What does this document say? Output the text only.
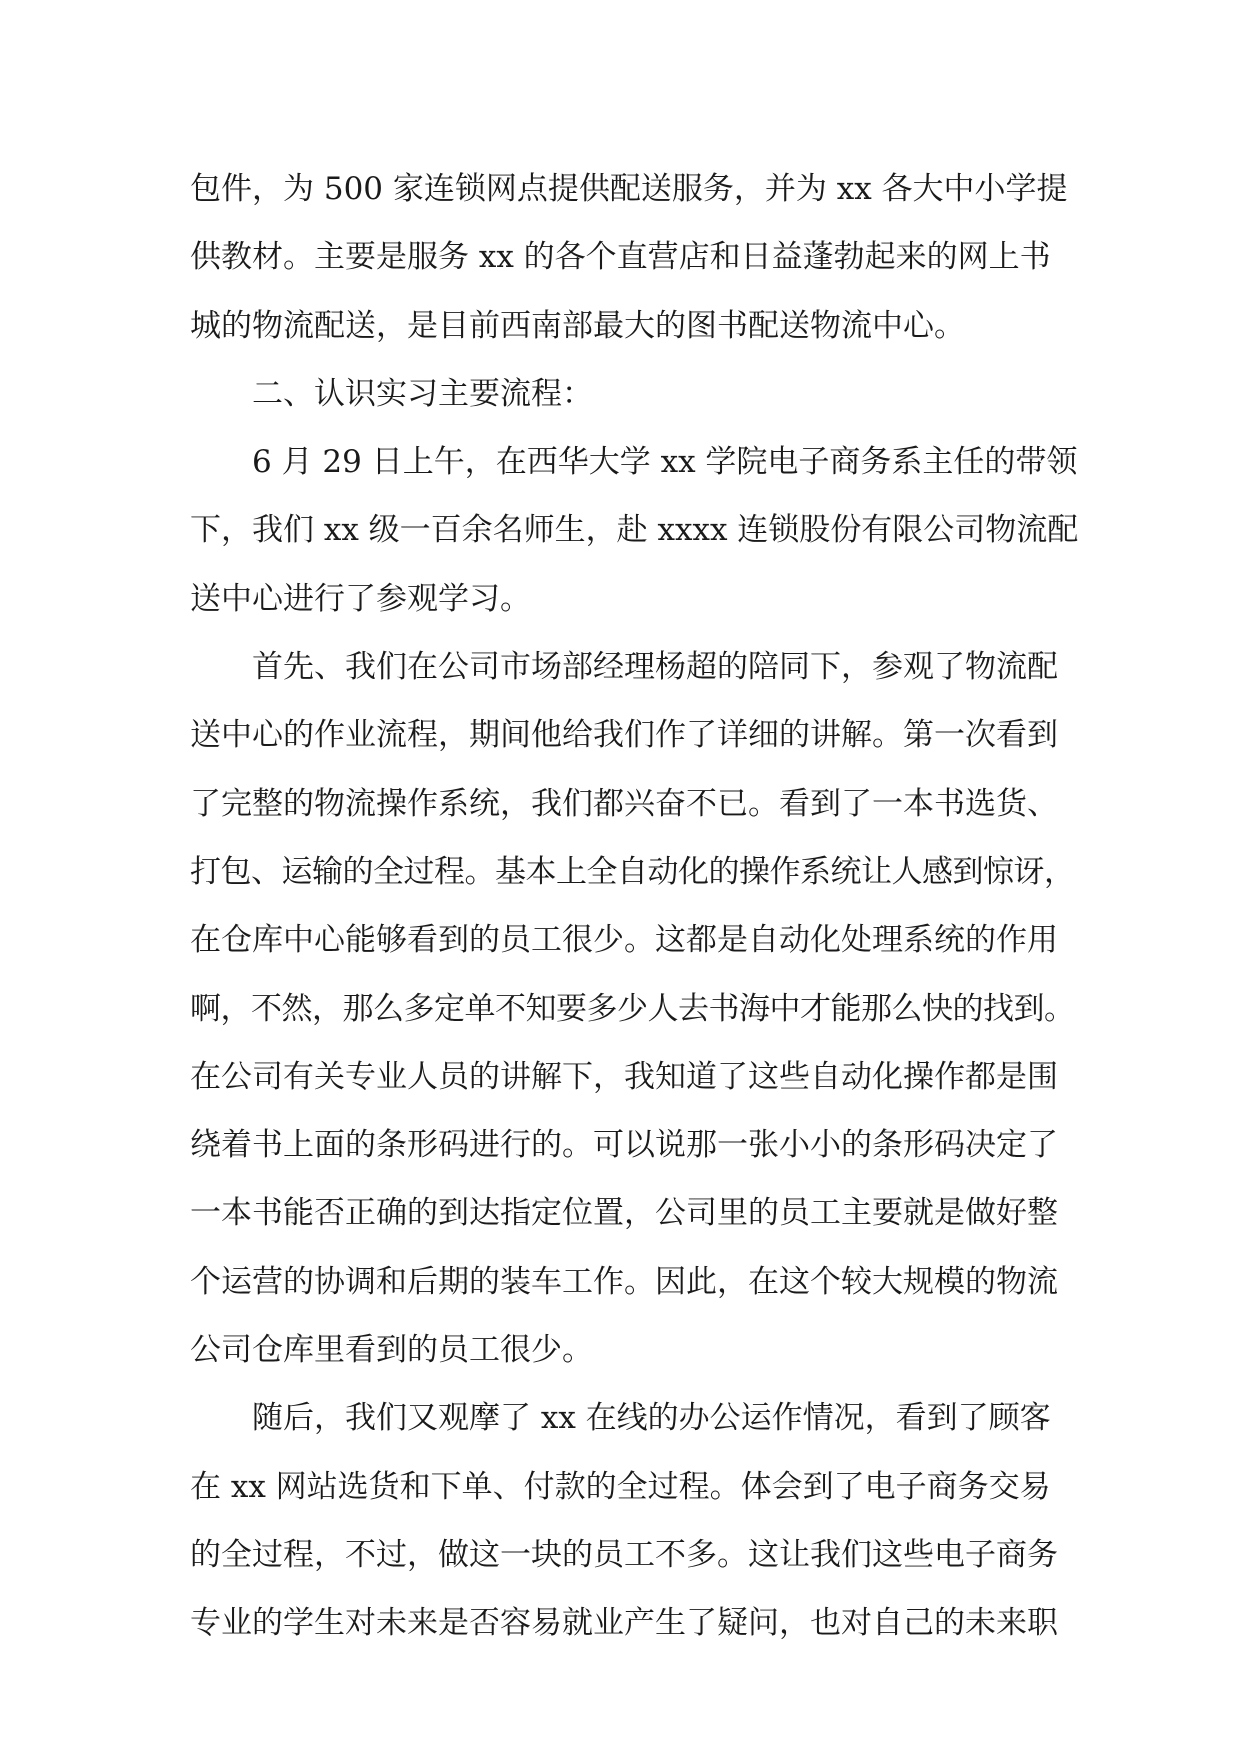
包件，为 500 家连锁网点提供配送服务，并为 xx 各大中小学提
供教材。主要是服务 xx 的各个直营店和日益蓬勃起来的网上书
城的物流配送，是目前西南部最大的图书配送物流中心。
二、认识实习主要流程：
6 月 29 日上午，在西华大学 xx 学院电子商务系主任的带领
下，我们 xx 级一百余名师生，赴 xxxx 连锁股份有限公司物流配
送中心进行了参观学习。
首先、我们在公司市场部经理杨超的陪同下，参观了物流配
送中心的作业流程，期间他给我们作了详细的讲解。第一次看到
了完整的物流操作系统，我们都兴奋不已。看到了一本书选货、
打包、运输的全过程。基本上全自动化的操作系统让人感到惊讶，
在仓库中心能够看到的员工很少。这都是自动化处理系统的作用
啊，不然，那么多定单不知要多少人去书海中才能那么快的找到。
在公司有关专业人员的讲解下，我知道了这些自动化操作都是围
绕着书上面的条形码进行的。可以说那一张小小的条形码决定了
一本书能否正确的到达指定位置，公司里的员工主要就是做好整
个运营的协调和后期的装车工作。因此，在这个较大规模的物流
公司仓库里看到的员工很少。
随后，我们又观摩了 xx 在线的办公运作情况，看到了顾客
在 xx 网站选货和下单、付款的全过程。体会到了电子商务交易
的全过程，不过，做这一块的员工不多。这让我们这些电子商务
专业的学生对未来是否容易就业产生了疑问，也对自己的未来职
